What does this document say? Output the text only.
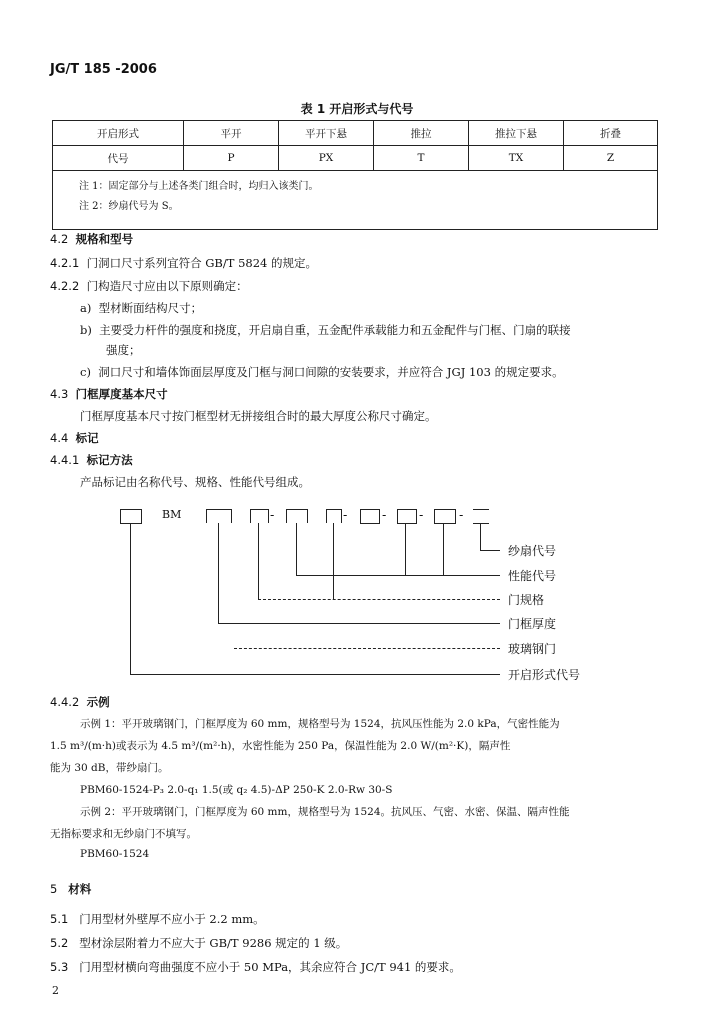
JG/T 185 -2006
表 1 开启形式与代号
开启形式	平开	平开下悬	推拉	推拉下悬	折叠
代号	P	PX	T	TX	Z

注 1：固定部分与上述各类门组合时，均归入该类门。
注 2：纱扇代号为 S。					
4.2 规格和型号
4.2.1 门洞口尺寸系列宜符合 GB/T 5824 的规定。
4.2.2 门构造尺寸应由以下原则确定：
a) 型材断面结构尺寸；
b) 主要受力杆件的强度和挠度，开启扇自重，五金配件承载能力和五金配件与门框、门扇的联接
强度；
c) 洞口尺寸和墙体饰面层厚度及门框与洞口间隙的安装要求，并应符合 JGJ 103 的规定要求。
4.3 门框厚度基本尺寸
门框厚度基本尺寸按门框型材无拼接组合时的最大厚度公称尺寸确定。
4.4 标记
4.4.1 标记方法
产品标记由名称代号、规格、性能代号组成。
BM	-	-	-	-	-
纱扇代号
性能代号
门规格
门框厚度
玻璃钢门
开启形式代号
4.4.2 示例
示例 1：平开玻璃钢门，门框厚度为 60 mm，规格型号为 1524，抗风压性能为 2.0 kPa，气密性能为
1.5 m³/(m·h)或表示为 4.5 m³/(m²·h)，水密性能为 250 Pa，保温性能为 2.0 W/(m²·K)，隔声性
能为 30 dB，带纱扇门。
PBM60-1524-P₃ 2.0-q₁ 1.5(或 q₂ 4.5)-ΔP 250-K 2.0-Rw 30-S
示例 2：平开玻璃钢门，门框厚度为 60 mm，规格型号为 1524。抗风压、气密、水密、保温、隔声性能
无指标要求和无纱扇门不填写。
PBM60-1524
5 材料
5.1 门用型材外壁厚不应小于 2.2 mm。
5.2 型材涂层附着力不应大于 GB/T 9286 规定的 1 级。
5.3 门用型材横向弯曲强度不应小于 50 MPa，其余应符合 JC/T 941 的要求。
2
